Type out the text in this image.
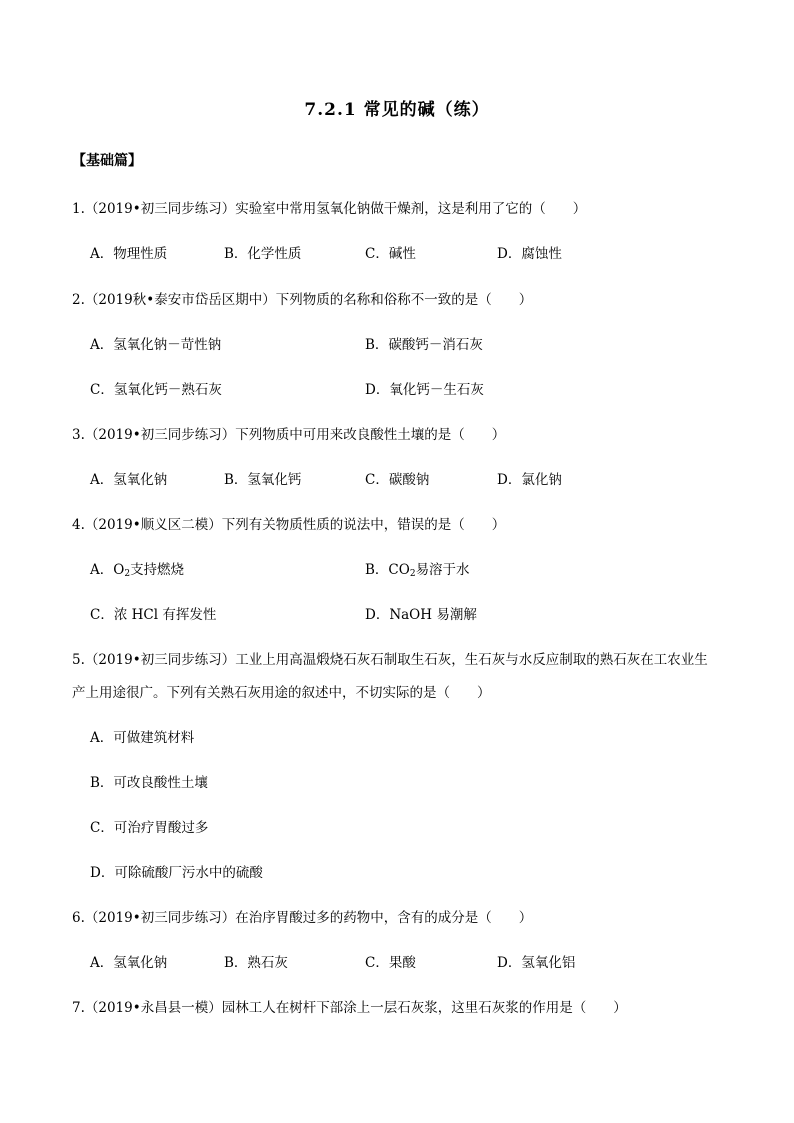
7.2.1 常见的碱（练）
【基础篇】
1.（2019•初三同步练习）实验室中常用氢氧化钠做干燥剂，这是利用了它的（　　）
A．物理性质	B．化学性质	C．碱性	D．腐蚀性
2.（2019秋•泰安市岱岳区期中）下列物质的名称和俗称不一致的是（　　）
A．氢氧化钠－苛性钠	B．碳酸钙－消石灰
C．氢氧化钙－熟石灰	D．氧化钙－生石灰
3.（2019•初三同步练习）下列物质中可用来改良酸性土壤的是（　　）
A．氢氧化钠	B．氢氧化钙	C．碳酸钠	D．氯化钠
4.（2019•顺义区二模）下列有关物质性质的说法中，错误的是（　　）
A．$O_2$支持燃烧	B．$CO_2$易溶于水
C．浓 HCl 有挥发性	D．NaOH 易潮解
5.（2019•初三同步练习）工业上用高温煅烧石灰石制取生石灰，生石灰与水反应制取的熟石灰在工农业生
产上用途很广。下列有关熟石灰用途的叙述中，不切实际的是（　　）
A．可做建筑材料
B．可改良酸性土壤
C．可治疗胃酸过多
D．可除硫酸厂污水中的硫酸
6.（2019•初三同步练习）在治序胃酸过多的药物中，含有的成分是（　　）
A．氢氧化钠	B．熟石灰	C．果酸	D．氢氧化铝
7.（2019•永昌县一模）园林工人在树杆下部涂上一层石灰浆，这里石灰浆的作用是（　　）
